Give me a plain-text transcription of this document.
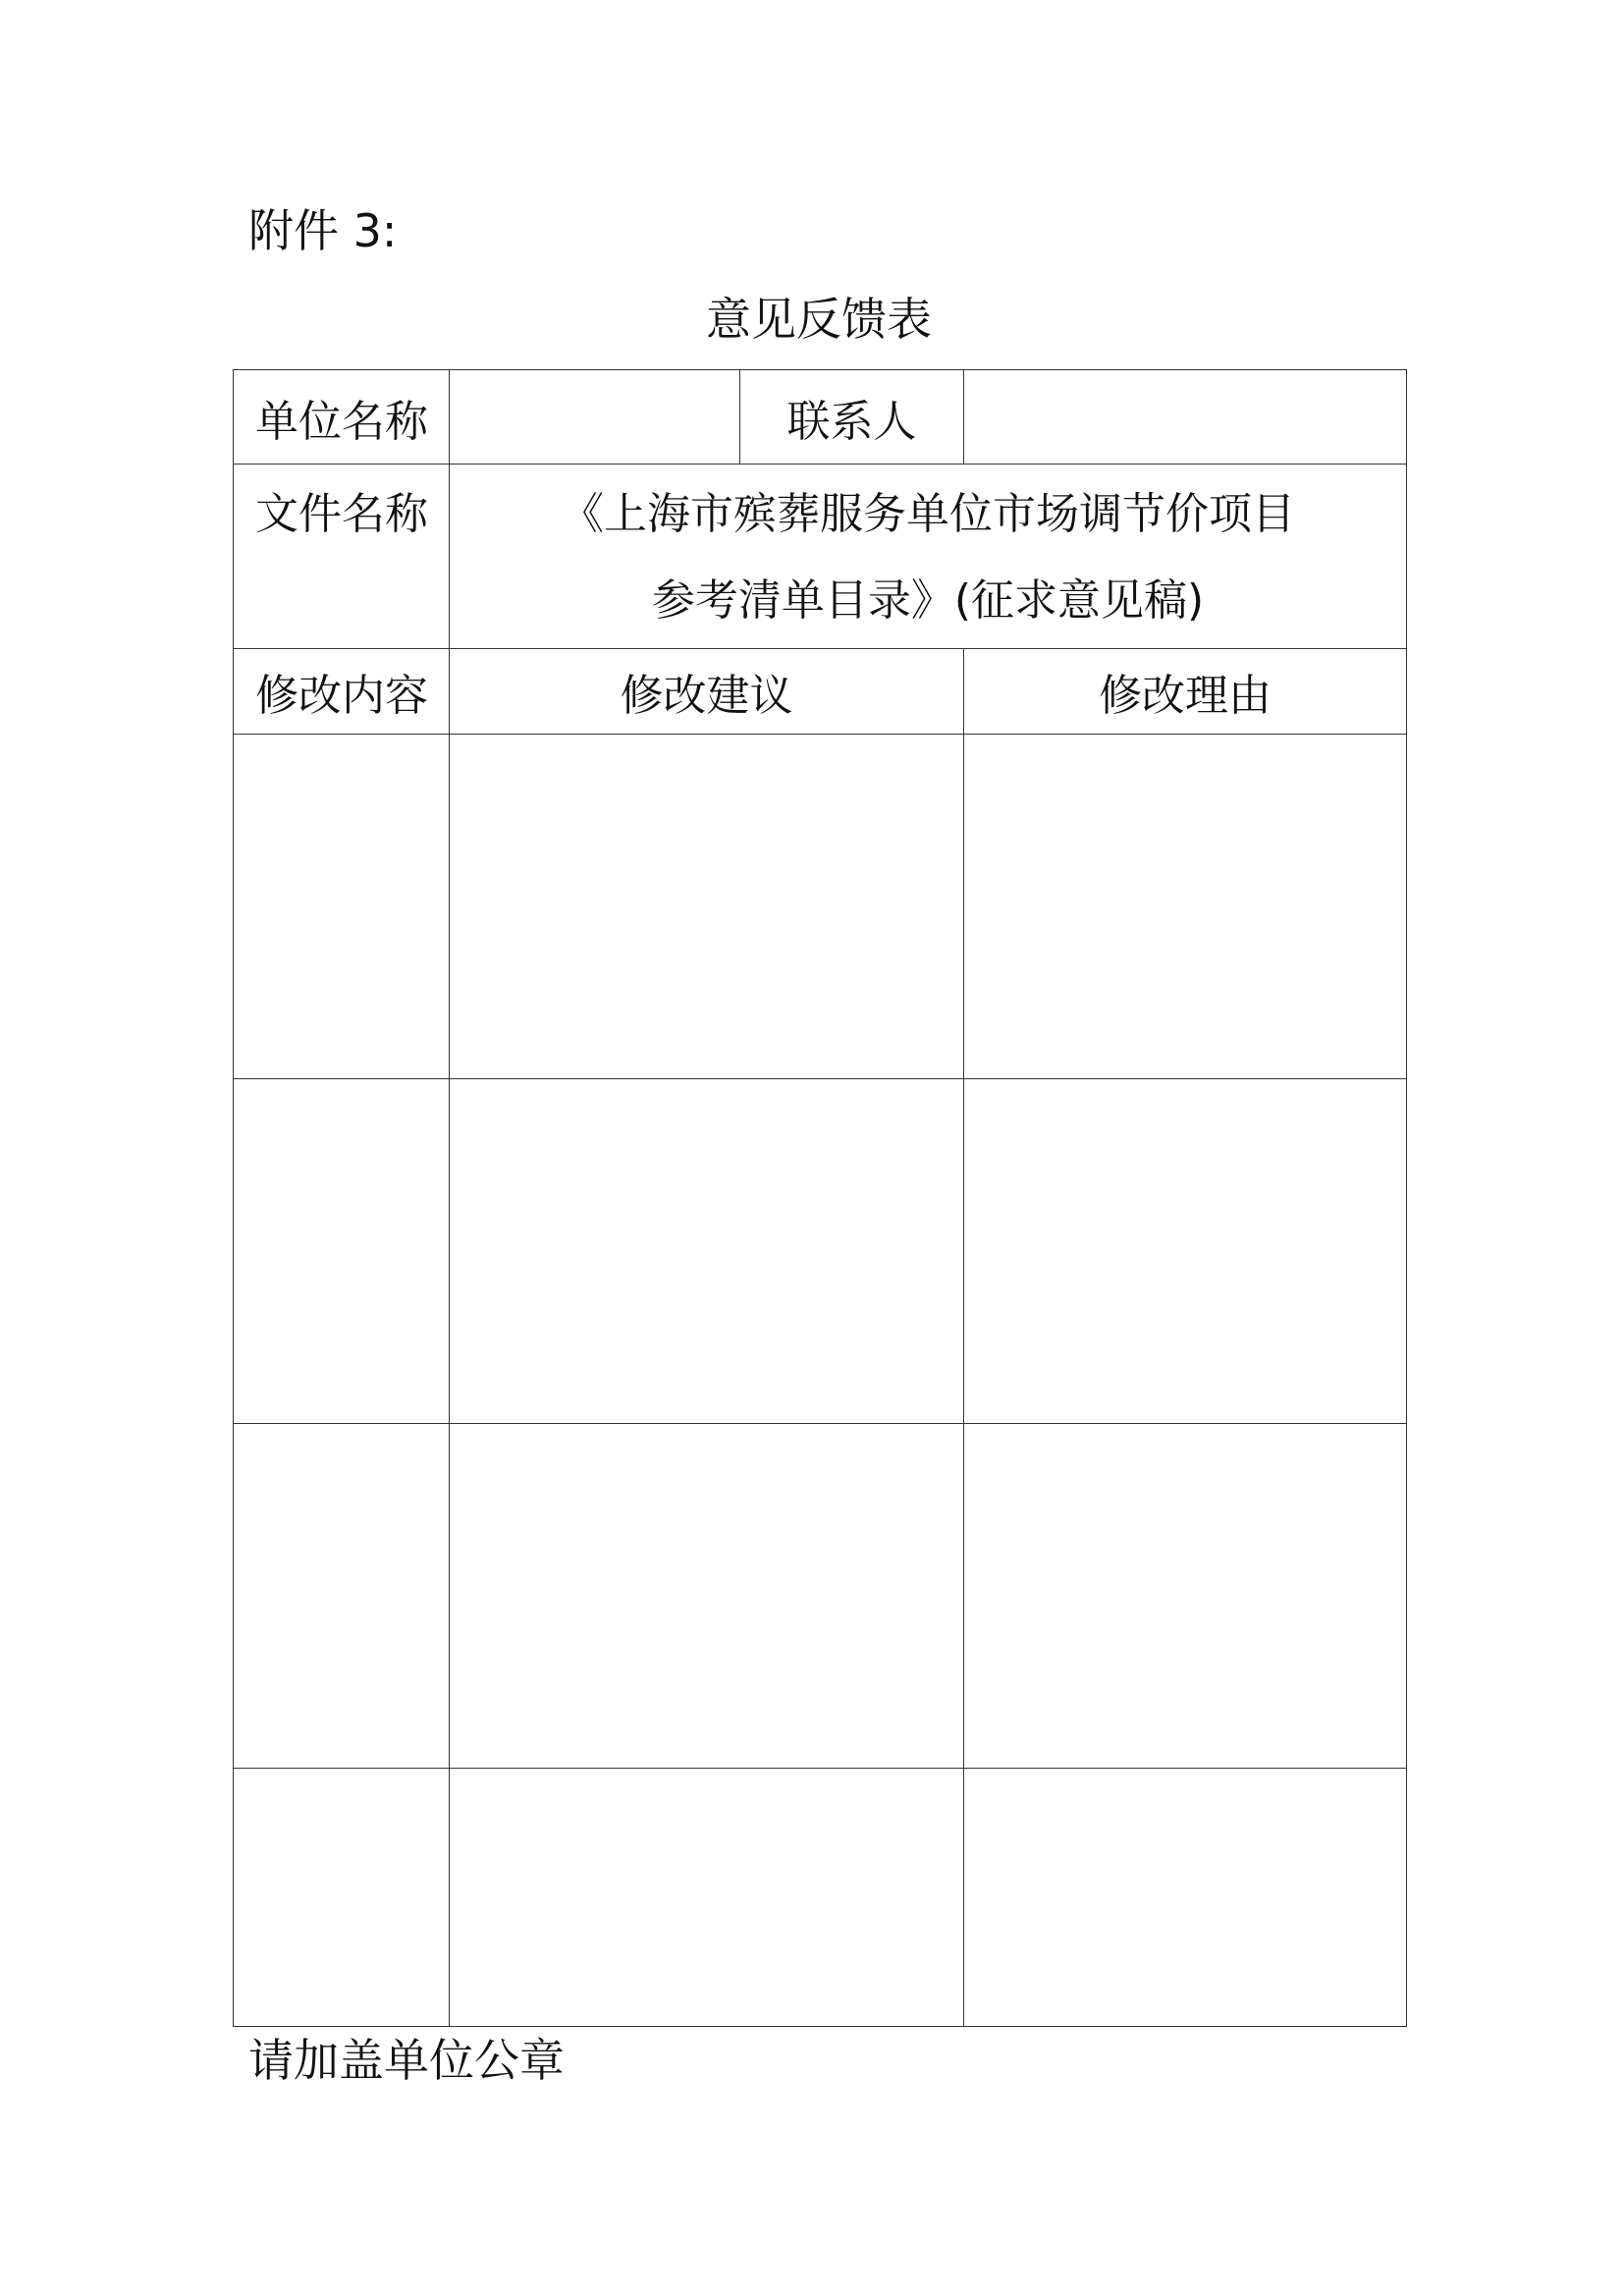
附件 3:
意见反馈表
单位名称		联系人	
文件名称	《上海市殡葬服务单位市场调节价项目
参考清单目录》(征求意见稿)		

修改内容	修改建议		修改理由

请加盖单位公章
